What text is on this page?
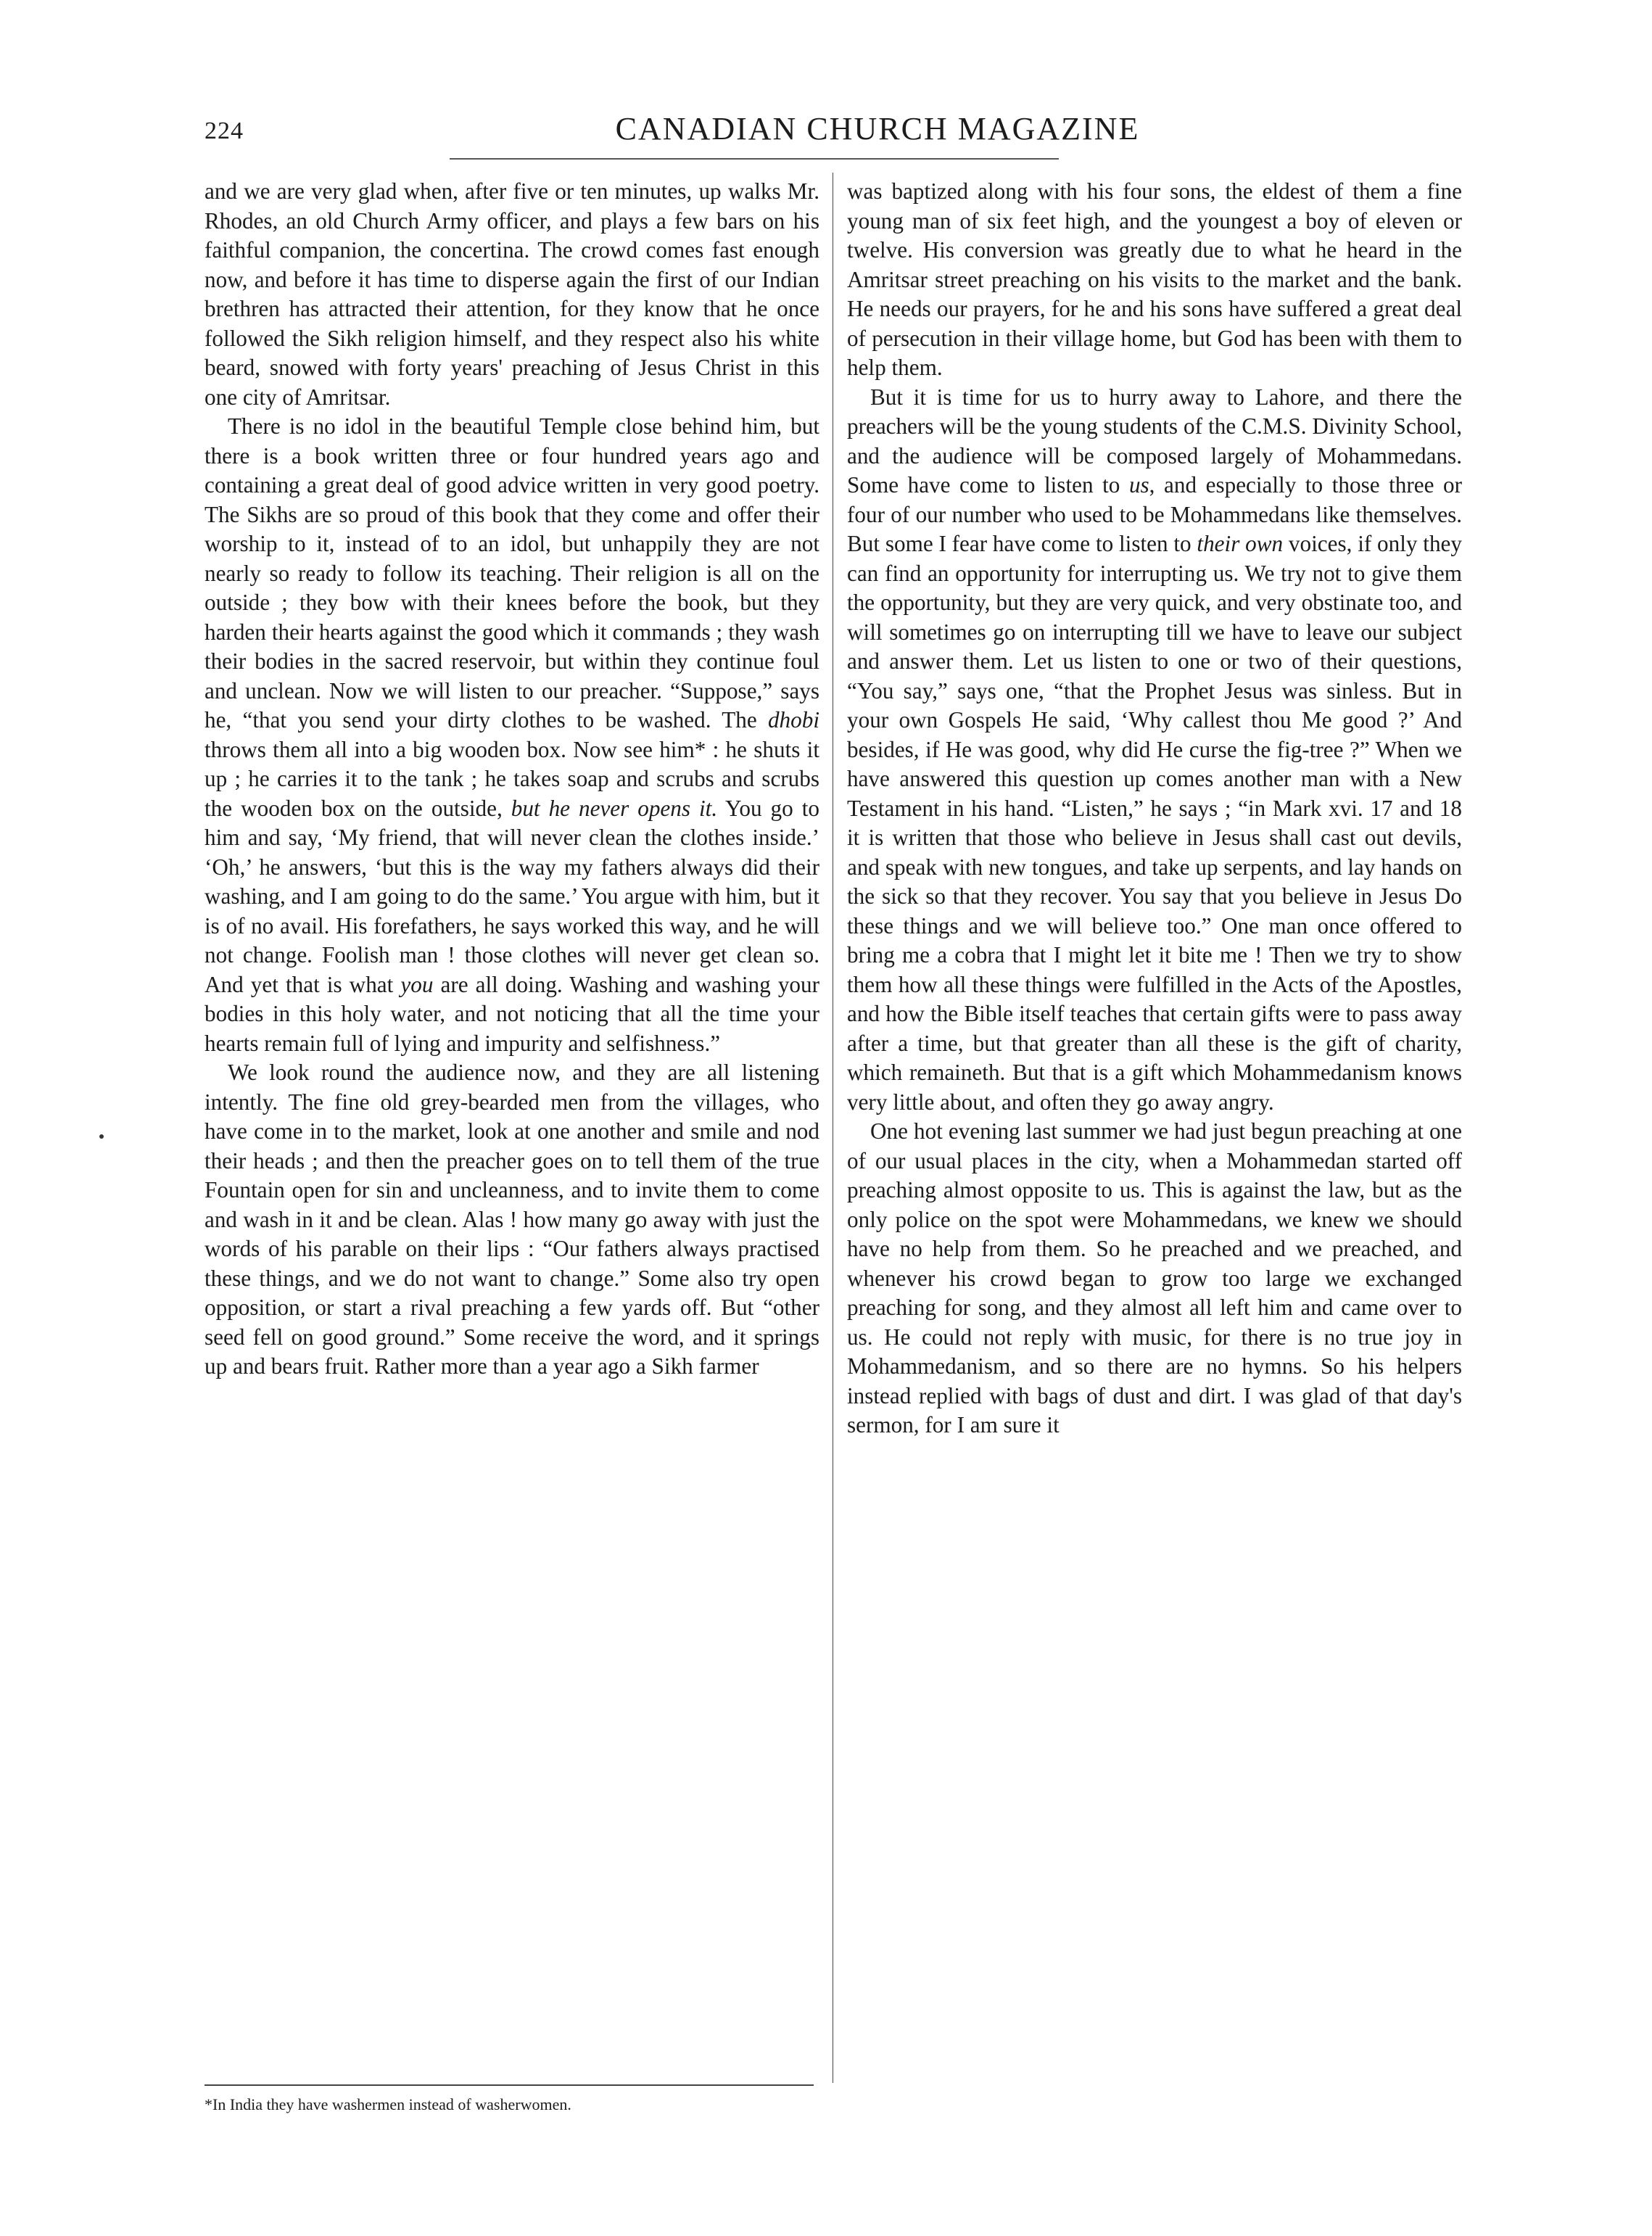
224	CANADIAN CHURCH MAGAZINE

and we are very glad when, after five or ten minutes, up walks Mr. Rhodes, an old Church Army officer, and plays a few bars on his faithful companion, the concertina. The crowd comes fast enough now, and before it has time to disperse again the first of our Indian brethren has attracted their attention, for they know that he once followed the Sikh religion himself, and they respect also his white beard, snowed with forty years' preaching of Jesus Christ in this one city of Amritsar.

There is no idol in the beautiful Temple close behind him, but there is a book written three or four hundred years ago and containing a great deal of good advice written in very good poetry. The Sikhs are so proud of this book that they come and offer their worship to it, instead of to an idol, but unhappily they are not nearly so ready to follow its teaching. Their religion is all on the outside ; they bow with their knees before the book, but they harden their hearts against the good which it commands ; they wash their bodies in the sacred reservoir, but within they continue foul and unclean. Now we will listen to our preacher. “Suppose,” says he, “that you send your dirty clothes to be washed. The dhobi throws them all into a big wooden box. Now see him* : he shuts it up ; he carries it to the tank ; he takes soap and scrubs and scrubs the wooden box on the outside, but he never opens it. You go to him and say, ‘My friend, that will never clean the clothes inside.’ ‘Oh,’ he answers, ‘but this is the way my fathers always did their washing, and I am going to do the same.’ You argue with him, but it is of no avail. His forefathers, he says worked this way, and he will not change. Foolish man ! those clothes will never get clean so. And yet that is what you are all doing. Washing and washing your bodies in this holy water, and not noticing that all the time your hearts remain full of lying and impurity and selfishness.”

We look round the audience now, and they are all listening intently. The fine old grey-bearded men from the villages, who have come in to the market, look at one another and smile and nod their heads ; and then the preacher goes on to tell them of the true Fountain open for sin and uncleanness, and to invite them to come and wash in it and be clean. Alas ! how many go away with just the words of his parable on their lips : “Our fathers always practised these things, and we do not want to change.” Some also try open opposition, or start a rival preaching a few yards off. But “other seed fell on good ground.” Some receive the word, and it springs up and bears fruit. Rather more than a year ago a Sikh farmer

was baptized along with his four sons, the eldest of them a fine young man of six feet high, and the youngest a boy of eleven or twelve. His conversion was greatly due to what he heard in the Amritsar street preaching on his visits to the market and the bank. He needs our prayers, for he and his sons have suffered a great deal of persecution in their village home, but God has been with them to help them.

But it is time for us to hurry away to Lahore, and there the preachers will be the young students of the C.M.S. Divinity School, and the audience will be composed largely of Mohammedans. Some have come to listen to us, and especially to those three or four of our number who used to be Mohammedans like themselves. But some I fear have come to listen to their own voices, if only they can find an opportunity for interrupting us. We try not to give them the opportunity, but they are very quick, and very obstinate too, and will sometimes go on interrupting till we have to leave our subject and answer them. Let us listen to one or two of their questions, “You say,” says one, “that the Prophet Jesus was sinless. But in your own Gospels He said, ‘Why callest thou Me good ?’ And besides, if He was good, why did He curse the fig-tree ?” When we have answered this question up comes another man with a New Testament in his hand. “Listen,” he says ; “in Mark xvi. 17 and 18 it is written that those who believe in Jesus shall cast out devils, and speak with new tongues, and take up serpents, and lay hands on the sick so that they recover. You say that you believe in Jesus Do these things and we will believe too.” One man once offered to bring me a cobra that I might let it bite me ! Then we try to show them how all these things were fulfilled in the Acts of the Apostles, and how the Bible itself teaches that certain gifts were to pass away after a time, but that greater than all these is the gift of charity, which remaineth. But that is a gift which Mohammedanism knows very little about, and often they go away angry.

One hot evening last summer we had just begun preaching at one of our usual places in the city, when a Mohammedan started off preaching almost opposite to us. This is against the law, but as the only police on the spot were Mohammedans, we knew we should have no help from them. So he preached and we preached, and whenever his crowd began to grow too large we exchanged preaching for song, and they almost all left him and came over to us. He could not reply with music, for there is no true joy in Mohammedanism, and so there are no hymns. So his helpers instead replied with bags of dust and dirt. I was glad of that day's sermon, for I am sure it

*In India they have washermen instead of washerwomen.
